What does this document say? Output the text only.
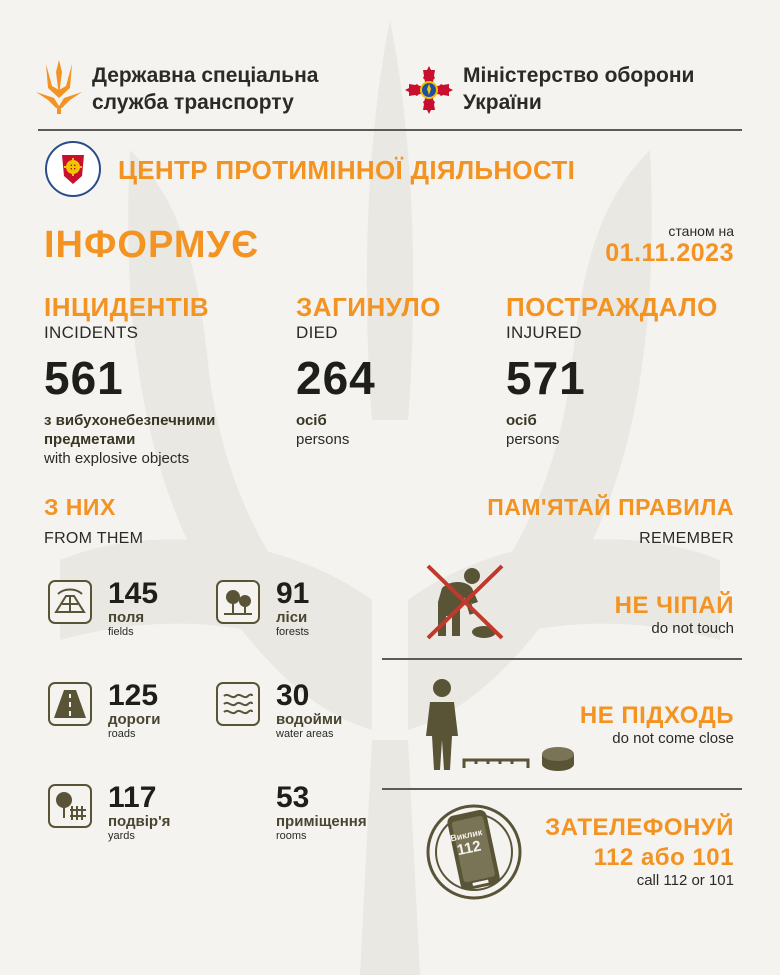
Державна спеціальна
служба транспорту
Міністерство оборони
України
ЦЕНТР ПРОТИМІННОЇ ДІЯЛЬНОСТІ
ІНФОРМУЄ	станом на
01.11.2023
ІНЦИДЕНТІВ
INCIDENTS
561
з вибухонебезпечними предметами
with explosive objects
ЗАГИНУЛО
DIED
264
осіб
persons
ПОСТРАЖДАЛО
INJURED
571
осіб
persons
З НИХ
FROM THEM
ПАМ'ЯТАЙ ПРАВИЛА
REMEMBER
145
поля
fields
91
ліси
forests
125
дороги
roads
30
водойми
water areas
117
подвір'я
yards
53
приміщення
rooms
НЕ ЧІПАЙ
do not touch
НЕ ПІДХОДЬ
do not come close
Виклик
112
ЗАТЕЛЕФОНУЙ
112 або 101
call 112 or 101
